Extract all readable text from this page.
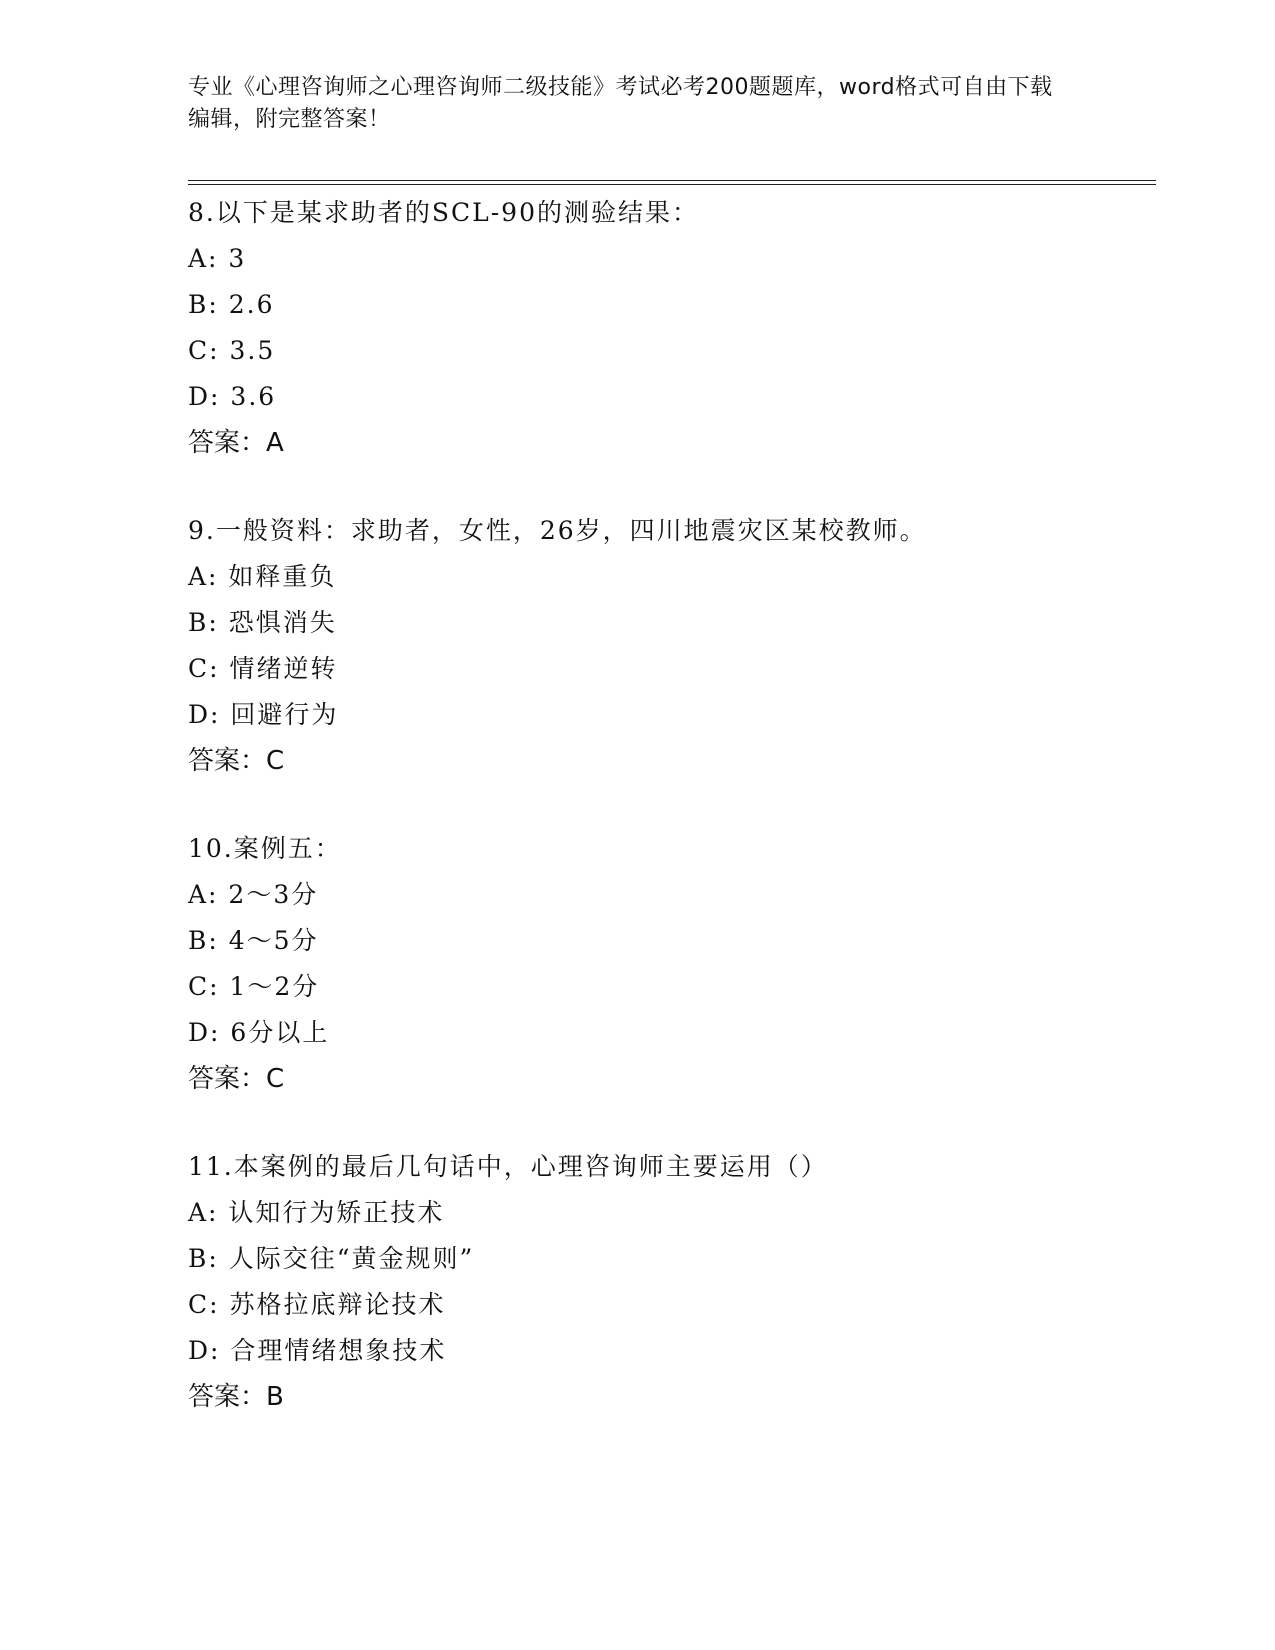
专业《心理咨询师之心理咨询师二级技能》考试必考200题题库，word格式可自由下载编辑，附完整答案！
8.以下是某求助者的SCL-90的测验结果：
A: 3
B: 2.6
C: 3.5
D: 3.6
答案：A
9.一般资料：求助者，女性，26岁，四川地震灾区某校教师。
A: 如释重负
B: 恐惧消失
C: 情绪逆转
D: 回避行为
答案：C
10.案例五：
A: 2～3分
B: 4～5分
C: 1～2分
D: 6分以上
答案：C
11.本案例的最后几句话中，心理咨询师主要运用（）
A: 认知行为矫正技术
B: 人际交往“黄金规则”
C: 苏格拉底辩论技术
D: 合理情绪想象技术
答案：B
